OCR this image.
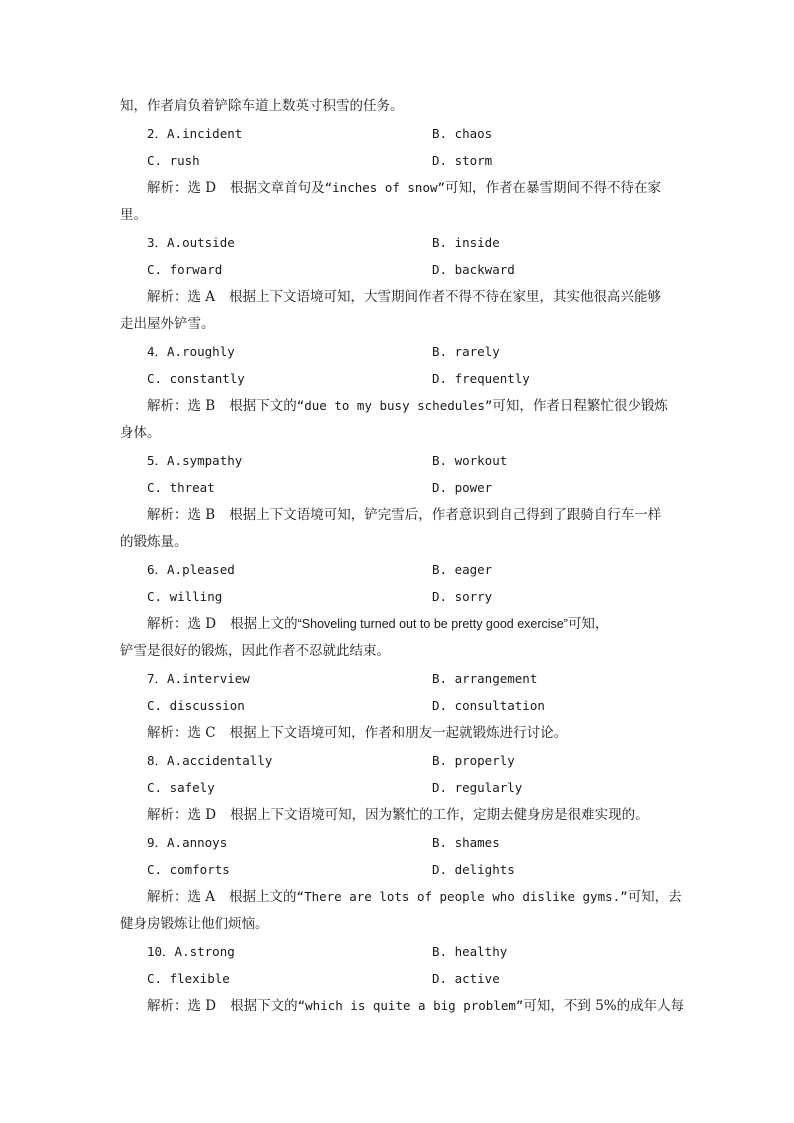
知，作者肩负着铲除车道上数英寸积雪的任务。
2．A.incident	B. chaos
C. rush	D. storm
解析：选 D 根据文章首句及“inches of snow”可知，作者在暴雪期间不得不待在家
里。
3．A.outside	B. inside
C. forward	D. backward
解析：选 A 根据上下文语境可知，大雪期间作者不得不待在家里，其实他很高兴能够
走出屋外铲雪。
4．A.roughly	B. rarely
C. constantly	D. frequently
解析：选 B 根据下文的“due to my busy schedules”可知，作者日程繁忙很少锻炼
身体。
5．A.sympathy	B. workout
C. threat	D. power
解析：选 B 根据上下文语境可知，铲完雪后，作者意识到自己得到了跟骑自行车一样
的锻炼量。
6．A.pleased	B. eager
C. willing	D. sorry
解析：选 D 根据上文的“Shoveling turned out to be pretty good exercise”可知，
铲雪是很好的锻炼，因此作者不忍就此结束。
7．A.interview	B. arrangement
C. discussion	D. consultation
解析：选 C 根据上下文语境可知，作者和朋友一起就锻炼进行讨论。
8．A.accidentally	B. properly
C. safely	D. regularly
解析：选 D 根据上下文语境可知，因为繁忙的工作，定期去健身房是很难实现的。
9．A.annoys	B. shames
C. comforts	D. delights
解析：选 A 根据上文的“There are lots of people who dislike gyms.”可知，去
健身房锻炼让他们烦恼。
10．A.strong	B. healthy
C. flexible	D. active
解析：选 D 根据下文的“which is quite a big problem”可知，不到 5%的成年人每
